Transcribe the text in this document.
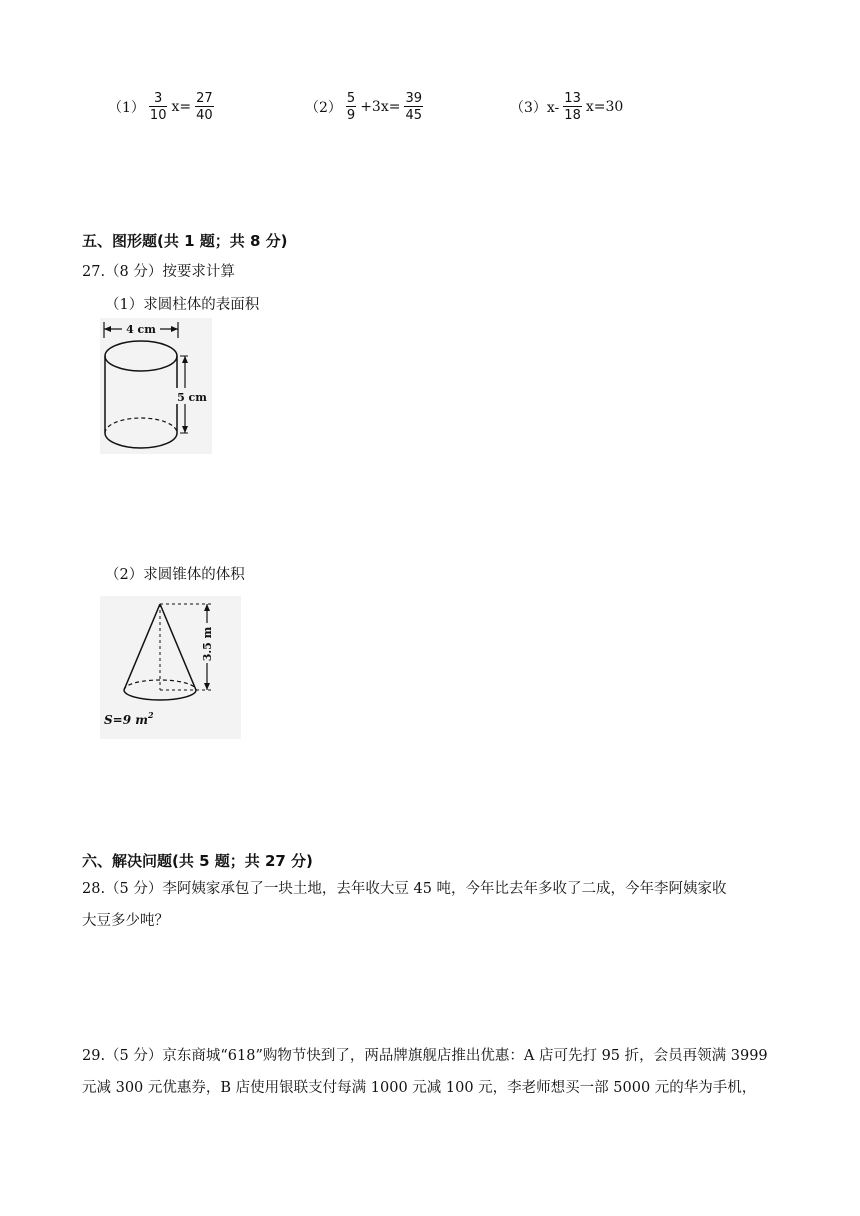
$(1) \frac{3}{10} x= \frac{27}{40}$	$(2) \frac{5}{9} +3x= \frac{39}{45}$	$(3)x- \frac{13}{18} x=30$
五、图形题(共 1 题；共 8 分)
27.（8 分）按要求计算
（1）求圆柱体的表面积
4 cm
5 cm
（2）求圆锥体的体积
3.5 m
S=9 $m^2$
六、解决问题(共 5 题；共 27 分)
28.（5 分）李阿姨家承包了一块土地，去年收大豆 45 吨，今年比去年多收了二成，今年李阿姨家收
大豆多少吨？
29.（5 分）京东商城“618”购物节快到了，两品牌旗舰店推出优惠：A 店可先打 95 折，会员再领满 3999
元减 300 元优惠券，B 店使用银联支付每满 1000 元减 100 元，李老师想买一部 5000 元的华为手机，
